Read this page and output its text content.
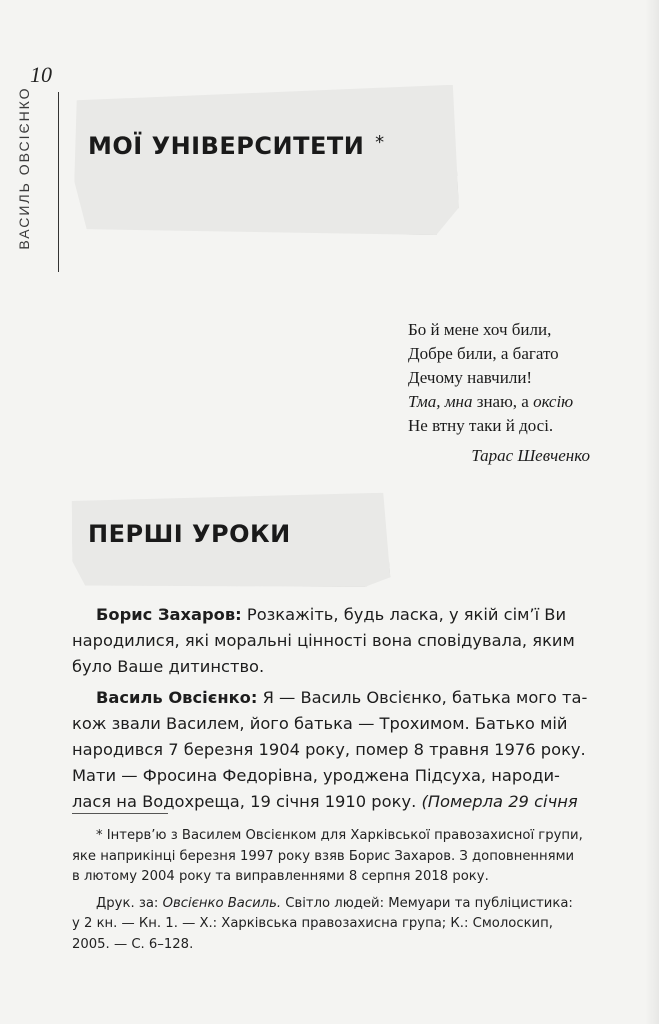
10
ВАСИЛЬ ОВСІЄНКО	МОЇ УНІВЕРСИТЕТИ *
Бо й мене хоч били,
Добре били, а багато
Дечому навчили!
Тма, мна знаю, а оксію
Не втну таки й досі.
Тарас Шевченко
ПЕРШІ УРОКИ
Борис Захаров: Розкажіть, будь ласка, у якій сім’ї Ви
народилися, які моральні цінності вона сповідувала, яким
було Ваше дитинство.
Василь Овсієнко:
Я — Василь Овсієнко, батька мого та-
кож звали Василем, його батька — Трохимом. Батько мій
народився 7 березня 1904 року, помер 8 травня 1976 року.
Мати — Фросина Федорівна, уроджена Підсуха, народи-
лася на Водохреща, 19 січня 1910 року.
(Померла 29 січня
* Інтерв’ю з Василем Овсієнком для Харківської правозахисної групи,
яке наприкінці березня 1997 року взяв Борис Захаров. З доповненнями
в лютому 2004 року та виправленнями 8 серпня 2018 року.
Друк. за: Овсієнко Василь. Світло людей: Мемуари та публіцистика:
у 2 кн. — Кн. 1. — Х.: Харківська правозахисна група; К.: Смолоскип,
2005. — С. 6–128.
